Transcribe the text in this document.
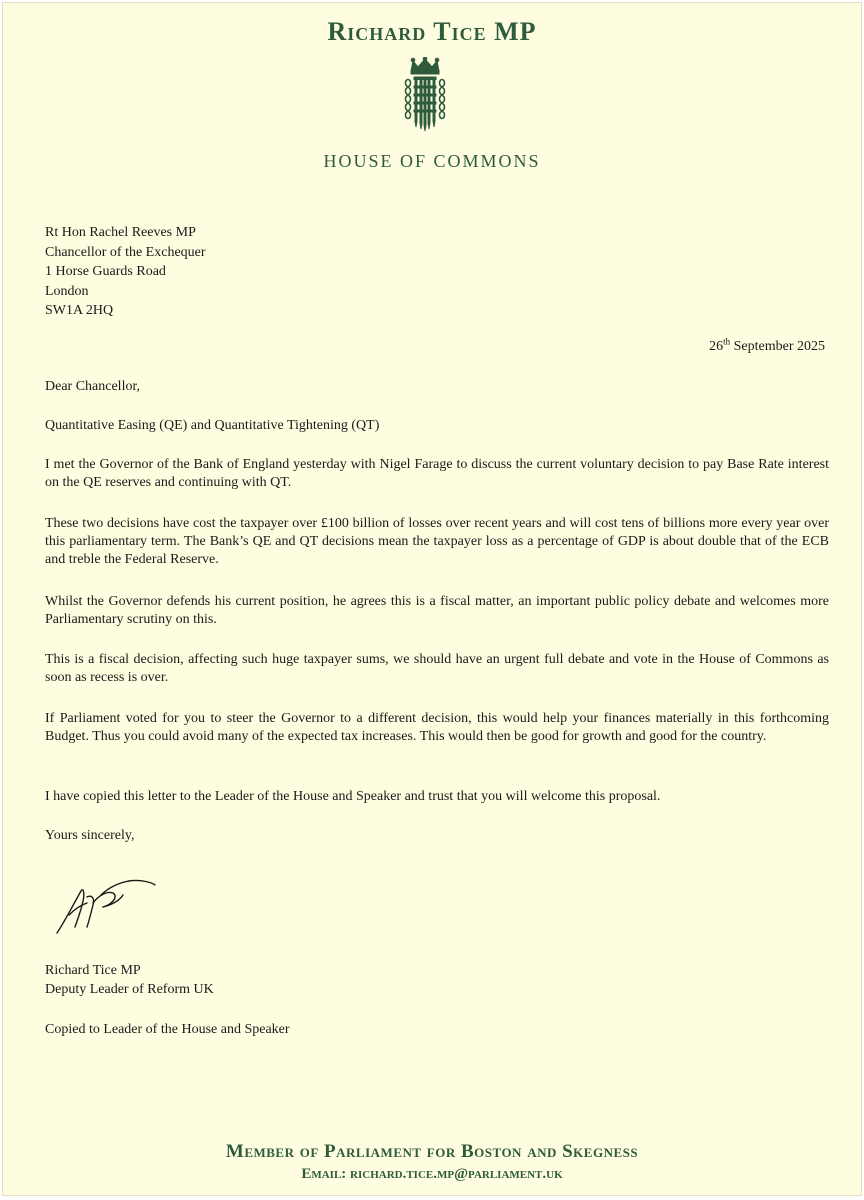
Richard Tice MP
HOUSE OF COMMONS
Rt Hon Rachel Reeves MP
Chancellor of the Exchequer
1 Horse Guards Road
London
SW1A 2HQ
26th September 2025
Dear Chancellor,
Quantitative Easing (QE) and Quantitative Tightening (QT)

I met the Governor of the Bank of England yesterday with Nigel Farage to discuss the current voluntary decision to pay Base Rate interest on the QE reserves and continuing with QT.

These two decisions have cost the taxpayer over £100 billion of losses over recent years and will cost tens of billions more every year over this parliamentary term. The Bank’s QE and QT decisions mean the taxpayer loss as a percentage of GDP is about double that of the ECB and treble the Federal Reserve.

Whilst the Governor defends his current position, he agrees this is a fiscal matter, an important public policy debate and welcomes more Parliamentary scrutiny on this.

This is a fiscal decision, affecting such huge taxpayer sums, we should have an urgent full debate and vote in the House of Commons as soon as recess is over.

If Parliament voted for you to steer the Governor to a different decision, this would help your finances materially in this forthcoming Budget. Thus you could avoid many of the expected tax increases. This would then be good for growth and good for the country.

I have copied this letter to the Leader of the House and Speaker and trust that you will welcome this proposal.

Yours sincerely,
Richard Tice MP
Deputy Leader of Reform UK
Copied to Leader of the House and Speaker
Member of Parliament for Boston and Skegness
Email: richard.tice.mp@parliament.uk
